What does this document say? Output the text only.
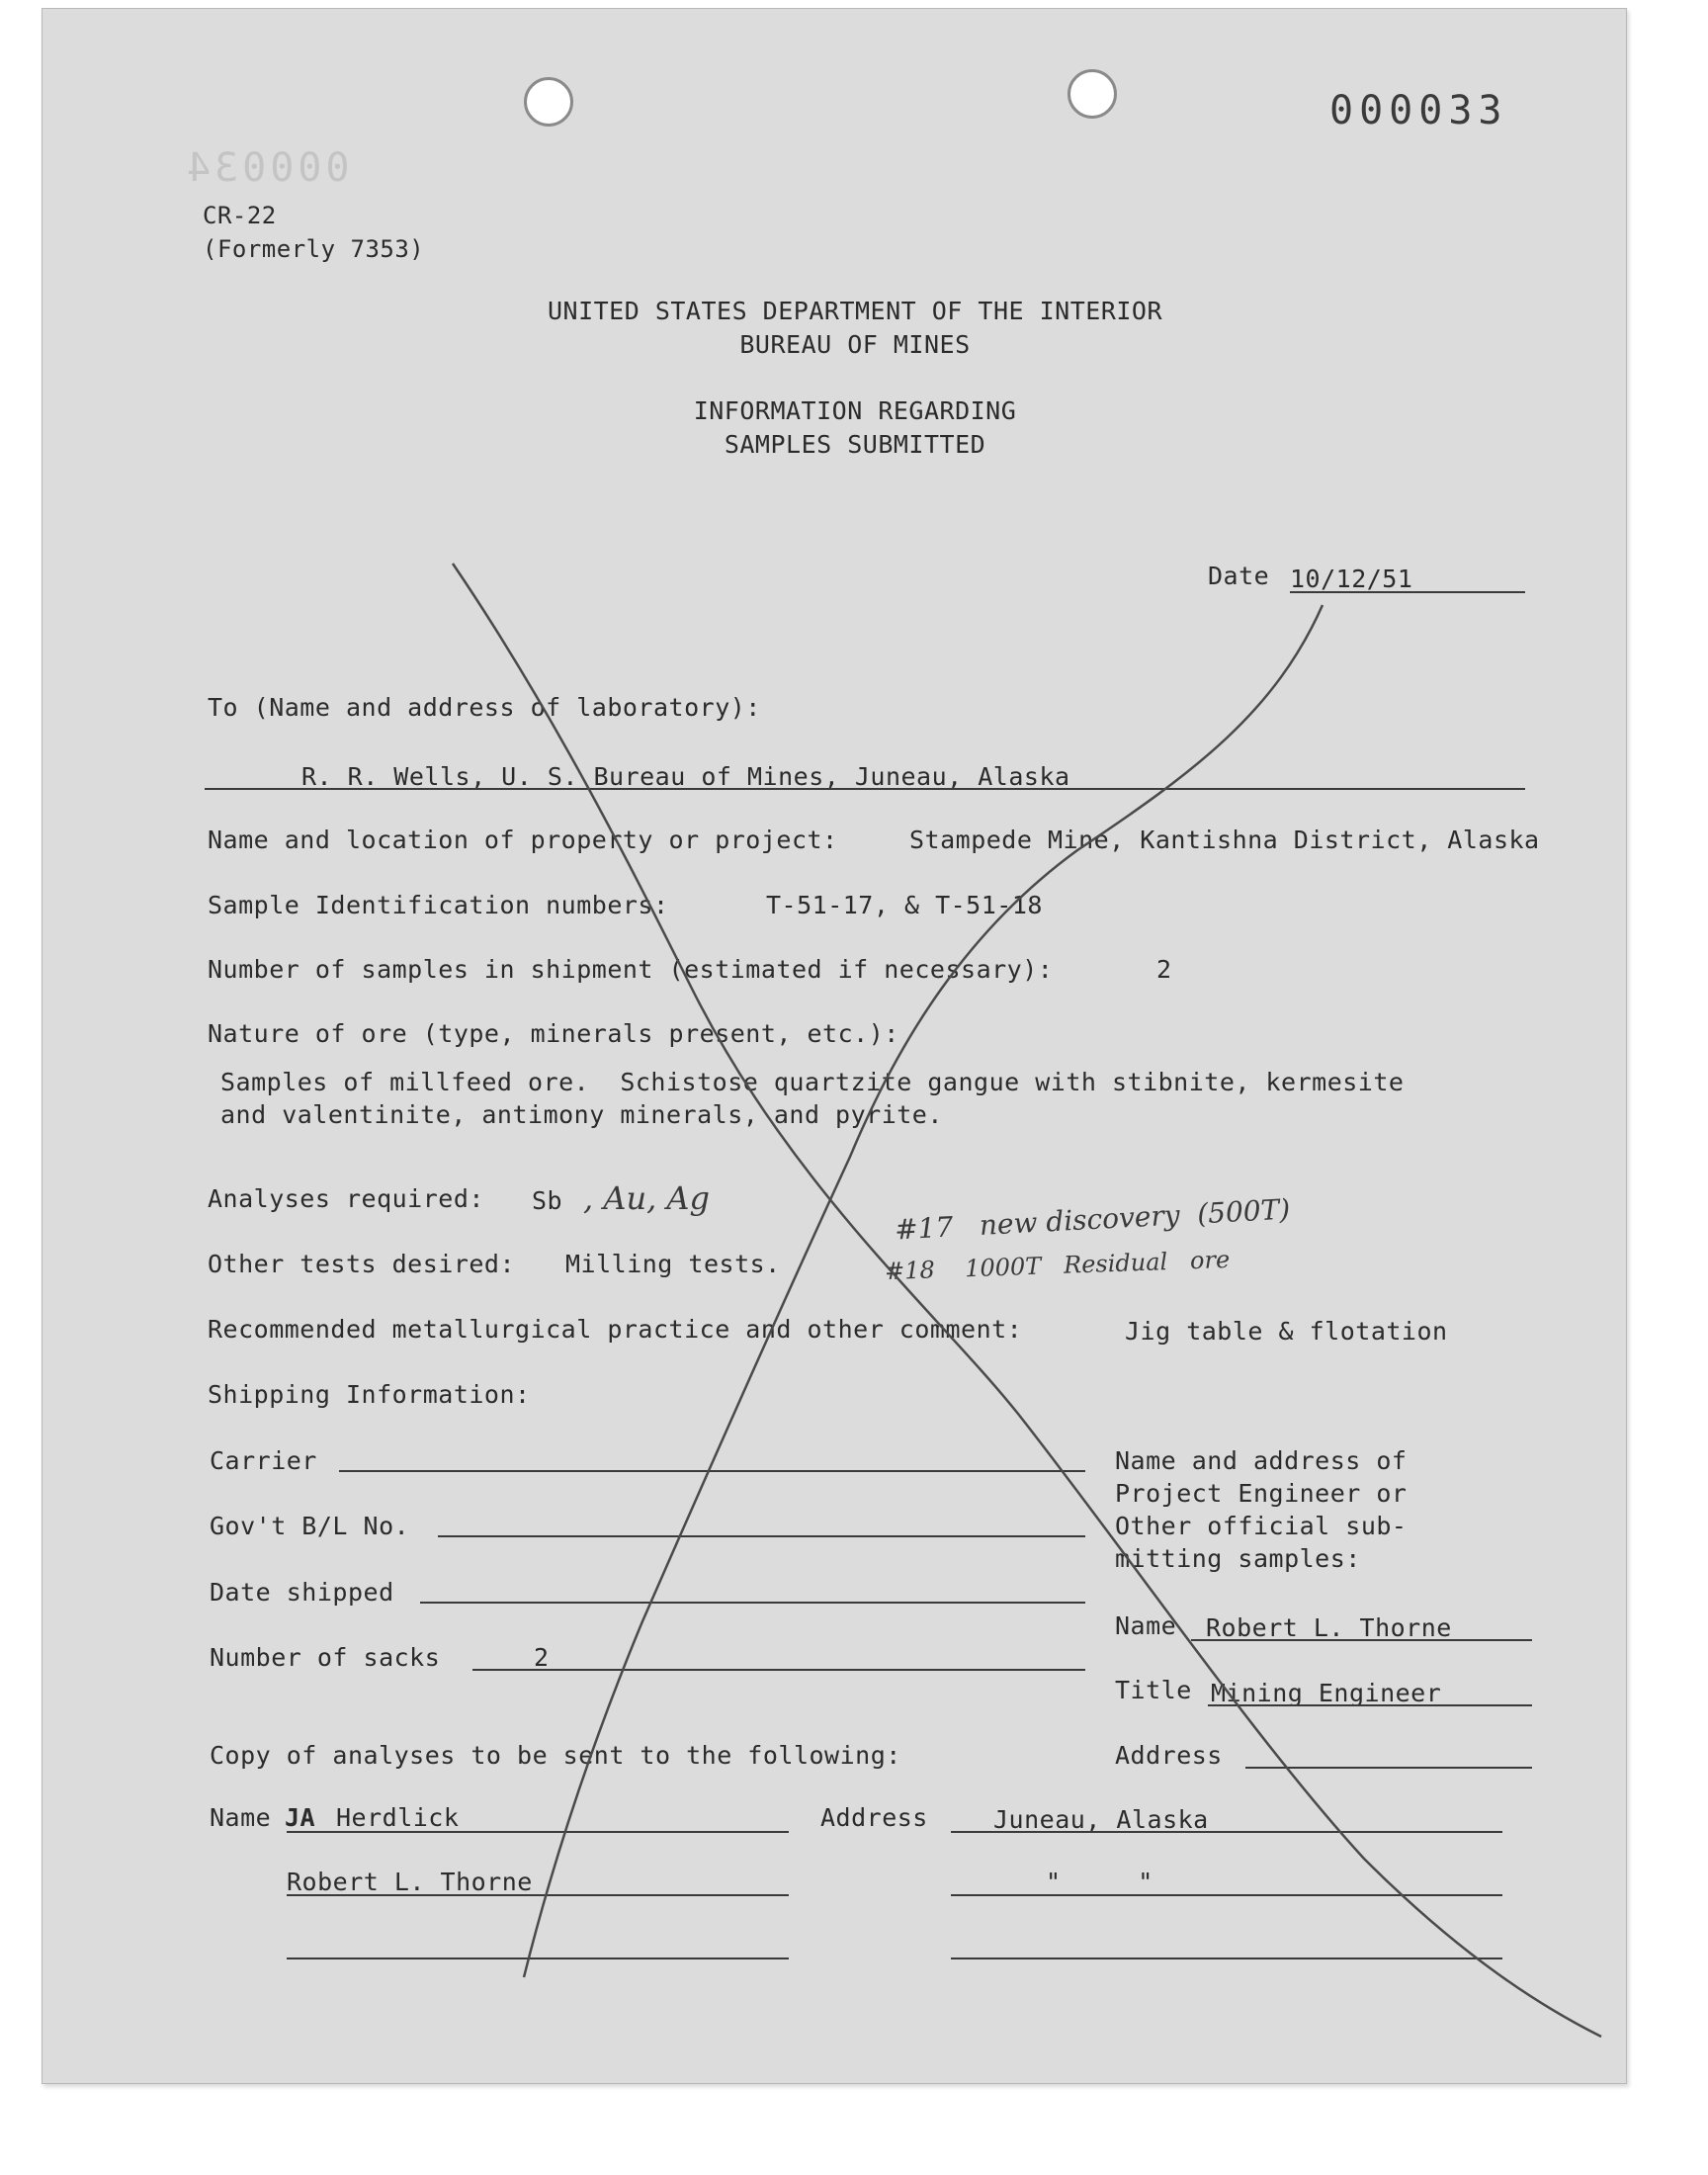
000033
000034
CR-22
(Formerly 7353)
UNITED STATES DEPARTMENT OF THE INTERIOR
BUREAU OF MINES
INFORMATION REGARDING
SAMPLES SUBMITTED
Date 10/12/51
To (Name and address of laboratory):
R. R. Wells, U. S. Bureau of Mines, Juneau, Alaska
Name and location of property or project:	Stampede Mine, Kantishna District, Alaska
Sample Identification numbers:	T-51-17, & T-51-18
Number of samples in shipment (estimated if necessary):	2
Nature of ore (type, minerals present, etc.):
Samples of millfeed ore.  Schistose quartzite gangue with stibnite, kermesite
and valentinite, antimony minerals, and pyrite.
Analyses required: Sb , Au, Ag
Other tests desired: Milling tests.
#17   new discovery  (500T)
#18    1000T   Residual   ore
Recommended metallurgical practice and other comment:	Jig table & flotation
Shipping Information:
Carrier
Gov't B/L No.
Date shipped
Number of sacks	2
Name and address of
Project Engineer or
Other official sub-
mitting samples:
Name Robert L. Thorne
Title Mining Engineer
Address
Copy of analyses to be sent to the following:
Name JA Herdlick	Address	Juneau, Alaska
Robert L. Thorne	"     "
